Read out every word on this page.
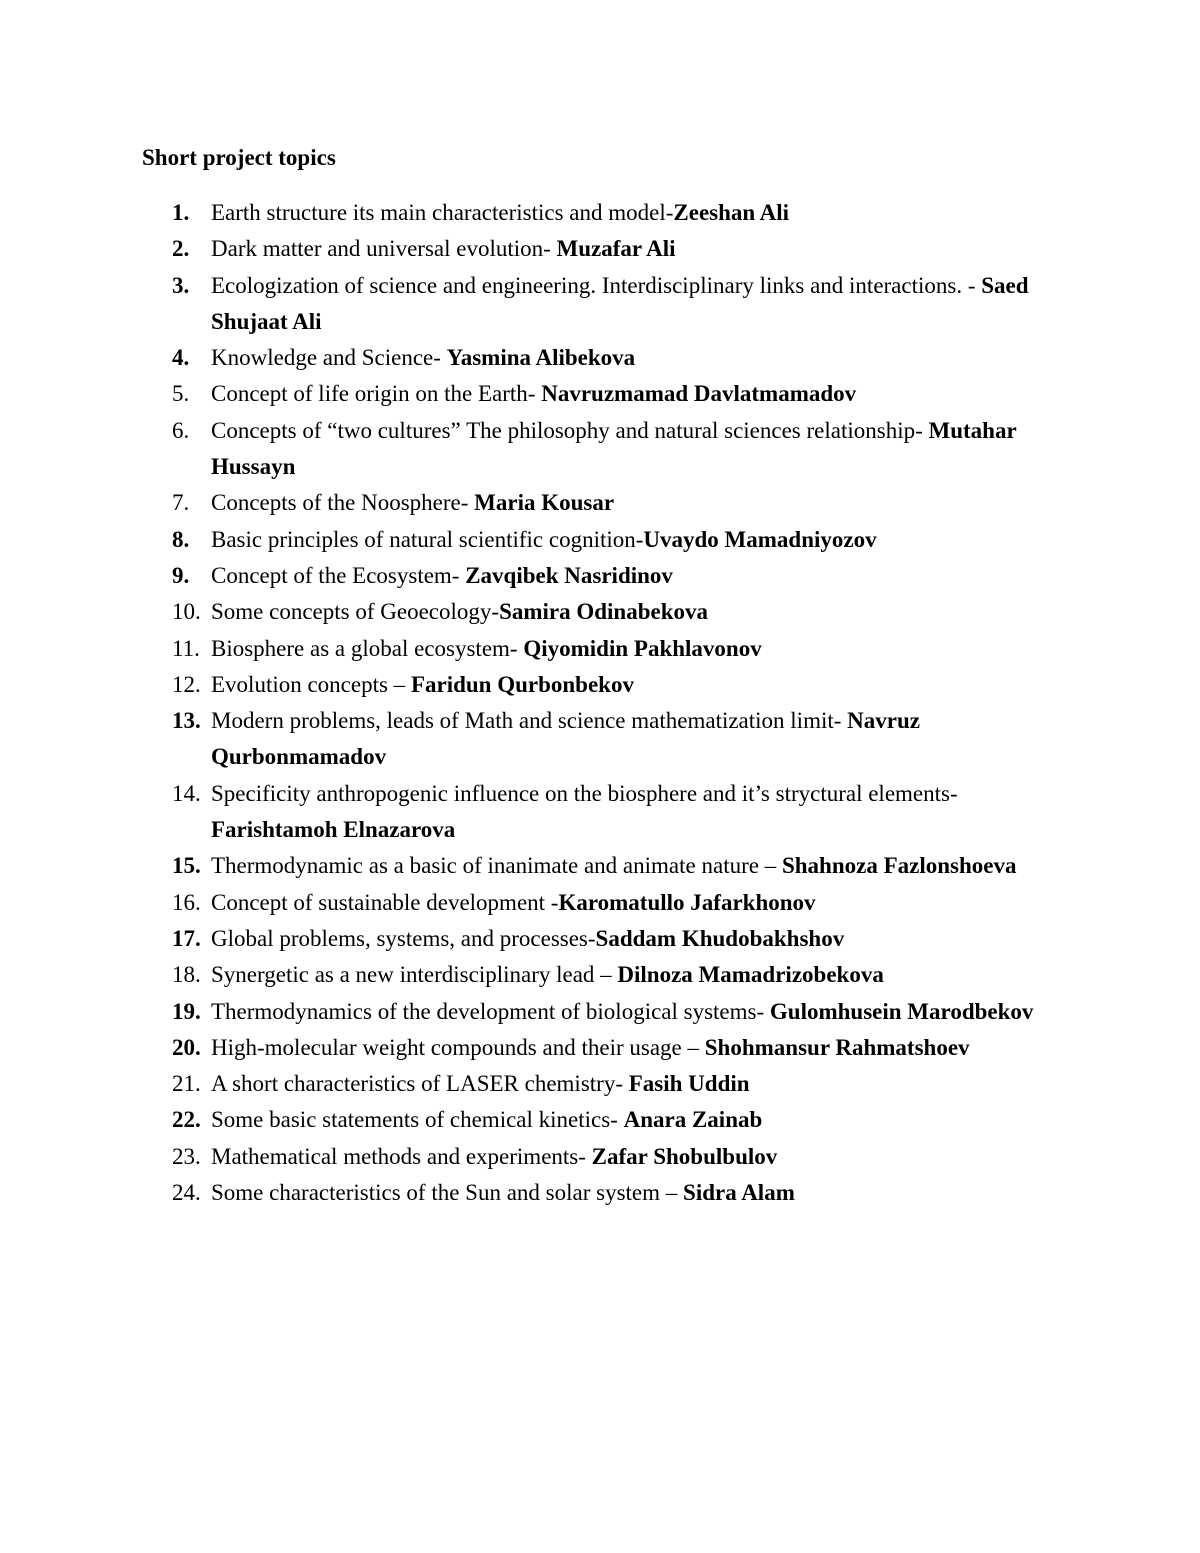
Short project topics
1. Earth structure its main characteristics and model-Zeeshan Ali
2. Dark matter and universal evolution- Muzafar Ali
3. Ecologization of science and engineering. Interdisciplinary links and interactions. - Saed Shujaat Ali
4. Knowledge and Science- Yasmina Alibekova
5. Concept of life origin on the Earth- Navruzmamad Davlatmamadov
6. Concepts of “two cultures” The philosophy and natural sciences relationship- Mutahar Hussayn
7. Concepts of the Noosphere- Maria Kousar
8. Basic principles of natural scientific cognition-Uvaydo Mamadniyozov
9. Concept of the Ecosystem- Zavqibek Nasridinov
10. Some concepts of Geoecology-Samira Odinabekova
11. Biosphere as a global ecosystem- Qiyomidin Pakhlavonov
12. Evolution concepts – Faridun Qurbonbekov
13. Modern problems, leads of Math and science mathematization limit- Navruz Qurbonmamadov
14. Specificity anthropogenic influence on the biosphere and it’s stryctural elements- Farishtamoh Elnazarova
15. Thermodynamic as a basic of inanimate and animate nature – Shahnoza Fazlonshoeva
16. Concept of sustainable development -Karomatullo Jafarkhonov
17. Global problems, systems, and processes-Saddam Khudobakhshov
18. Synergetic as a new interdisciplinary lead – Dilnoza Mamadrizobekova
19. Thermodynamics of the development of biological systems- Gulomhusein Marodbekov
20. High-molecular weight compounds and their usage – Shohmansur Rahmatshoev
21. A short characteristics of LASER chemistry- Fasih Uddin
22. Some basic statements of chemical kinetics- Anara Zainab
23. Mathematical methods and experiments- Zafar Shobulbulov
24. Some characteristics of the Sun and solar system – Sidra Alam
